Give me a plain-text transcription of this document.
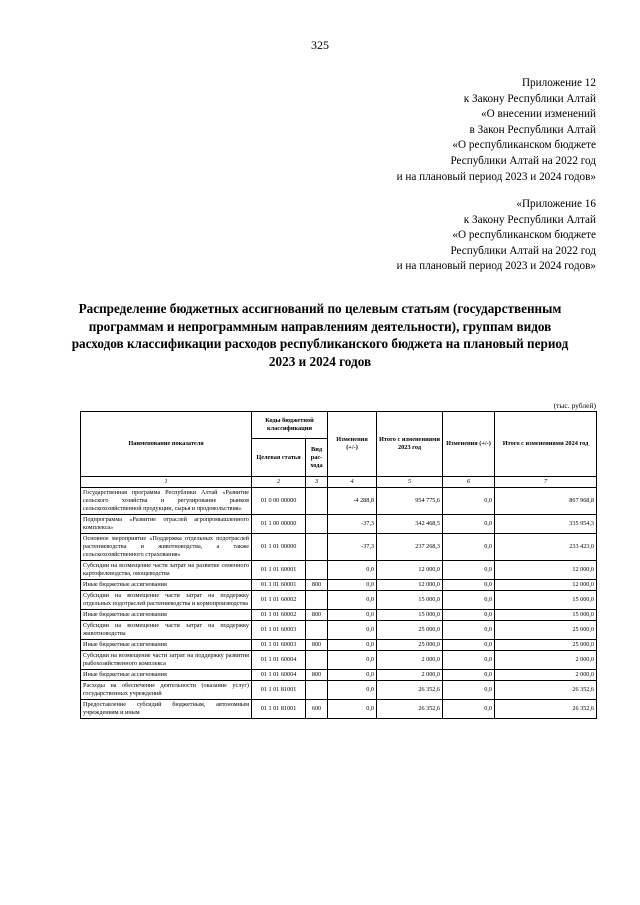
325
Приложение 12
к Закону Республики Алтай
«О внесении изменений
в Закон Республики Алтай
«О республиканском бюджете
Республики Алтай на 2022 год
и на плановый период 2023 и 2024 годов»
«Приложение 16
к Закону Республики Алтай
«О республиканском бюджете
Республики Алтай на 2022 год
и на плановый период 2023 и 2024 годов»
Распределение бюджетных ассигнований по целевым статьям (государственным программам и непрограммным направлениям деятельности), группам видов расходов классификации расходов республиканского бюджета на плановый период 2023 и 2024 годов
(тыс. рублей)
Наименование показателя	Коды бюджетной классификации		Изменения (+/-)	Итого с изменениями 2023 год	Изменения (+/-)	Итого с изменениями 2024 год
	Целевая статья	Вид рас-хода				
1	2	3	4	5	6	7
Государственная программа Республики Алтай «Развитие сельского хозяйства и регулирование рынков сельскохозяйственной продукции, сырья и продовольствия»	01 0 00 00000		-4 288,8	954 775,6	0,0	867 968,8
Подпрограмма «Развитие отраслей агропромышленного комплекса»	01 1 00 00000		-37,3	342 468,5	0,0	335 954,3
Основное мероприятие «Поддержка отдельных подотраслей растениеводства и животноводства, а также сельскохозяйственного страхования»	01 1 01 00000		-37,3	237 268,3	0,0	233 423,0
Субсидии на возмещение части затрат на развитие семенного картофелеводства, овощеводства	01 1 01 60001		0,0	12 000,0	0,0	12 000,0
Иные бюджетные ассигнования	01 1 01 60001	800	0,0	12 000,0	0,0	12 000,0
Субсидии на возмещение части затрат на поддержку отдельных подотраслей растениеводства и кормопроизводства	01 1 01 60002		0,0	15 000,0	0,0	15 000,0
Иные бюджетные ассигнования	01 1 01 60002	800	0,0	15 000,0	0,0	15 000,0
Субсидии на возмещение части затрат на поддержку животноводства	01 1 01 60003		0,0	25 000,0	0,0	25 000,0
Иные бюджетные ассигнования	01 1 01 60003	800	0,0	25 000,0	0,0	25 000,0
Субсидии на возмещение части затрат на поддержку развития рыбохозяйственного комплекса	01 1 01 60004		0,0	2 000,0	0,0	2 000,0
Иные бюджетные ассигнования	01 1 01 60004	800	0,0	2 000,0	0,0	2 000,0
Расходы на обеспечение деятельности (оказание услуг) государственных учреждений	01 1 01 81001		0,0	26 352,6	0,0	26 352,6
Предоставление субсидий бюджетным, автономным учреждениям и иным	01 1 01 81001	600	0,0	26 352,6	0,0	26 352,6
